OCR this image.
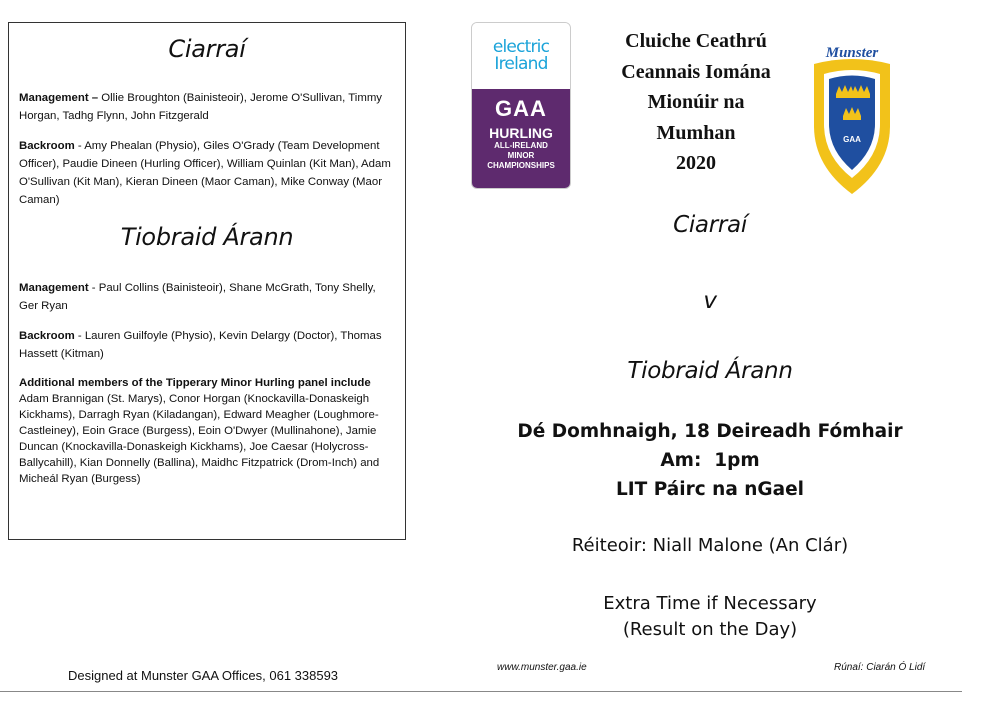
Ciarraí

Management – Ollie Broughton (Bainisteoir), Jerome O'Sullivan, Timmy Horgan, Tadhg Flynn, John Fitzgerald

Backroom - Amy Phealan (Physio), Giles O'Grady (Team Development Officer), Paudie Dineen (Hurling Officer), William Quinlan (Kit Man), Adam O'Sullivan (Kit Man), Kieran Dineen (Maor Caman), Mike Conway (Maor Caman)

Tiobraid Árann

Management - Paul Collins (Bainisteoir), Shane McGrath, Tony Shelly, Ger Ryan

Backroom - Lauren Guilfoyle (Physio), Kevin Delargy (Doctor), Thomas Hassett (Kitman)

Additional members of the Tipperary Minor Hurling panel include
Adam Brannigan (St. Marys), Conor Horgan (Knockavilla-Donaskeigh Kickhams), Darragh Ryan (Kiladangan), Edward Meagher (Loughmore-Castleiney), Eoin Grace (Burgess), Eoin O'Dwyer (Mullinahone), Jamie Duncan (Knockavilla-Donaskeigh Kickhams), Joe Caesar (Holycross-Ballycahill), Kian Donnelly (Ballina), Maidhc Fitzpatrick (Drom-Inch) and Micheál Ryan (Burgess)

electric
Ireland
GAA
HURLING
ALL-IRELAND
MINOR
CHAMPIONSHIPS
Cluiche Ceathrú
Ceannais Iomána
Mionúir na
Mumhan
2020
Munster
GAA
Ciarraí
v
Tiobraid Árann
Dé Domhnaigh, 18 Deireadh Fómhair
Am:  1pm
LIT Páirc na nGael
Réiteoir: Niall Malone (An Clár)
Extra Time if Necessary
(Result on the Day)
Designed at Munster GAA Offices, 061 338593
www.munster.gaa.ie	Rúnaí: Ciarán Ó Lidí
